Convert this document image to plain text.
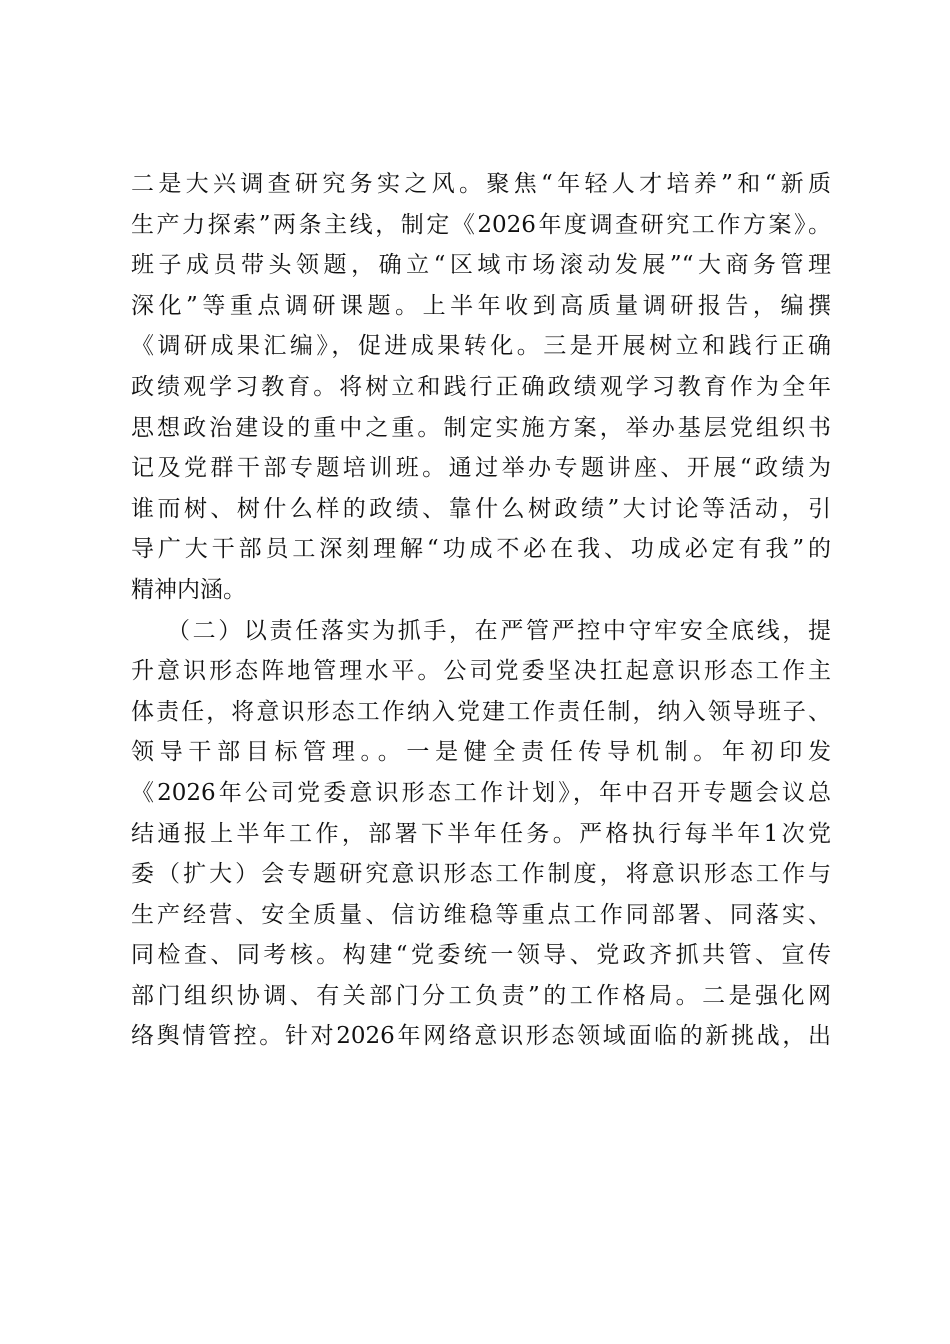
二是大兴调查研究务实之风。聚焦“年轻人才培养”和“新质
生产力探索”两条主线，制定《2026年度调查研究工作方案》。
班子成员带头领题，确立“区域市场滚动发展”“大商务管理
深化”等重点调研课题。上半年收到高质量调研报告，编撰
《调研成果汇编》，促进成果转化。三是开展树立和践行正确
政绩观学习教育。将树立和践行正确政绩观学习教育作为全年
思想政治建设的重中之重。制定实施方案，举办基层党组织书
记及党群干部专题培训班。通过举办专题讲座、开展“政绩为
谁而树、树什么样的政绩、靠什么树政绩”大讨论等活动，引
导广大干部员工深刻理解“功成不必在我、功成必定有我”的
精神内涵。
（二）以责任落实为抓手，在严管严控中守牢安全底线，提
升意识形态阵地管理水平。公司党委坚决扛起意识形态工作主
体责任，将意识形态工作纳入党建工作责任制，纳入领导班子、
领导干部目标管理。。一是健全责任传导机制。年初印发
《2026年公司党委意识形态工作计划》，年中召开专题会议总
结通报上半年工作，部署下半年任务。严格执行每半年1次党
委（扩大）会专题研究意识形态工作制度，将意识形态工作与
生产经营、安全质量、信访维稳等重点工作同部署、同落实、
同检查、同考核。构建“党委统一领导、党政齐抓共管、宣传
部门组织协调、有关部门分工负责”的工作格局。二是强化网
络舆情管控。针对2026年网络意识形态领域面临的新挑战，出
